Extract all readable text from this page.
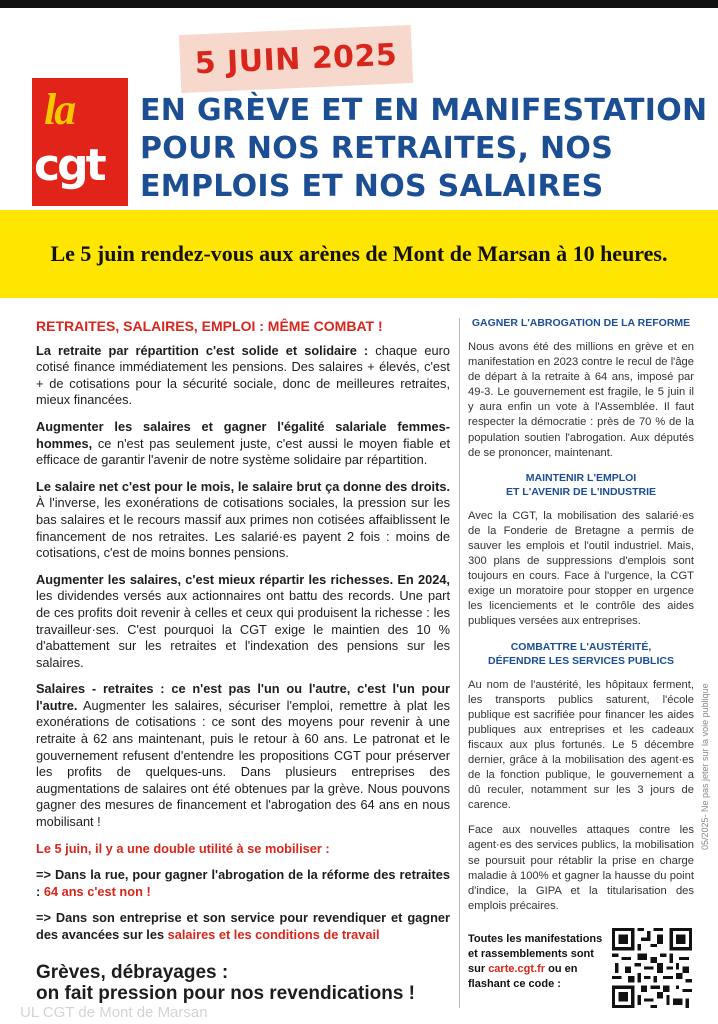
5 JUIN 2025
la
cgt
EN GRÈVE ET EN MANIFESTATION
POUR NOS RETRAITES, NOS
EMPLOIS ET NOS SALAIRES
Le 5 juin rendez-vous aux arènes de Mont de Marsan à 10 heures.
RETRAITES, SALAIRES, EMPLOI : MÊME COMBAT !

La retraite par répartition c'est solide et solidaire : chaque euro cotisé finance immédiatement les pensions. Des salaires + élevés, c'est + de cotisations pour la sécurité sociale, donc de meilleures retraites, mieux financées.

Augmenter les salaires et gagner l'égalité salariale femmes-hommes, ce n'est pas seulement juste, c'est aussi le moyen fiable et efficace de garantir l'avenir de notre système solidaire par répartition.

Le salaire net c'est pour le mois, le salaire brut ça donne des droits. À l'inverse, les exonérations de cotisations sociales, la pression sur les bas salaires et le recours massif aux primes non cotisées affaiblissent le financement de nos retraites. Les salarié·es payent 2 fois : moins de cotisations, c'est de moins bonnes pensions.

Augmenter les salaires, c'est mieux répartir les richesses. En 2024, les dividendes versés aux actionnaires ont battu des records. Une part de ces profits doit revenir à celles et ceux qui produisent la richesse : les travailleur·ses. C'est pourquoi la CGT exige le maintien des 10 % d'abattement sur les retraites et l'indexation des pensions sur les salaires.

Salaires - retraites : ce n'est pas l'un ou l'autre, c'est l'un pour l'autre. Augmenter les salaires, sécuriser l'emploi, remettre à plat les exonérations de cotisations : ce sont des moyens pour revenir à une retraite à 62 ans maintenant, puis le retour à 60 ans. Le patronat et le gouvernement refusent d'entendre les propositions CGT pour préserver les profits de quelques-uns. Dans plusieurs entreprises des augmentations de salaires ont été obtenues par la grève. Nous pouvons gagner des mesures de financement et l'abrogation des 64 ans en nous mobilisant !

Le 5 juin, il y a une double utilité à se mobiliser :

=> Dans la rue, pour gagner l'abrogation de la réforme des retraites : 64 ans c'est non !

=> Dans son entreprise et son service pour revendiquer et gagner des avancées sur les salaires et les conditions de travail

Grèves, débrayages :
on fait pression pour nos revendications !
GAGNER L'ABROGATION DE LA REFORME

Nous avons été des millions en grève et en manifestation en 2023 contre le recul de l'âge de départ à la retraite à 64 ans, imposé par 49-3. Le gouvernement est fragile, le 5 juin il y aura enfin un vote à l'Assemblée. Il faut respecter la démocratie : près de 70 % de la population soutien l'abrogation. Aux députés de se prononcer, maintenant.

MAINTENIR L'EMPLOI
ET L'AVENIR DE L'INDUSTRIE

Avec la CGT, la mobilisation des salarié·es de la Fonderie de Bretagne a permis de sauver les emplois et l'outil industriel. Mais, 300 plans de suppressions d'emplois sont toujours en cours. Face à l'urgence, la CGT exige un moratoire pour stopper en urgence les licenciements et le contrôle des aides publiques versées aux entreprises.

COMBATTRE L'AUSTÉRITÉ,
DÉFENDRE LES SERVICES PUBLICS

Au nom de l'austérité, les hôpitaux ferment, les transports publics saturent, l'école publique est sacrifiée pour financer les aides publiques aux entreprises et les cadeaux fiscaux aux plus fortunés. Le 5 décembre dernier, grâce à la mobilisation des agent·es de la fonction publique, le gouvernement a dû reculer, notamment sur les 3 jours de carence.

Face aux nouvelles attaques contre les agent·es des services publics, la mobilisation se poursuit pour rétablir la prise en charge maladie à 100% et gagner la hausse du point d'indice, la GIPA et la titularisation des emplois précaires.

Toutes les manifestations et rassemblements sont sur carte.cgt.fr ou en flashant ce code :
05/2025- Ne pas jeter sur la voie publique
UL CGT de Mont de Marsan
